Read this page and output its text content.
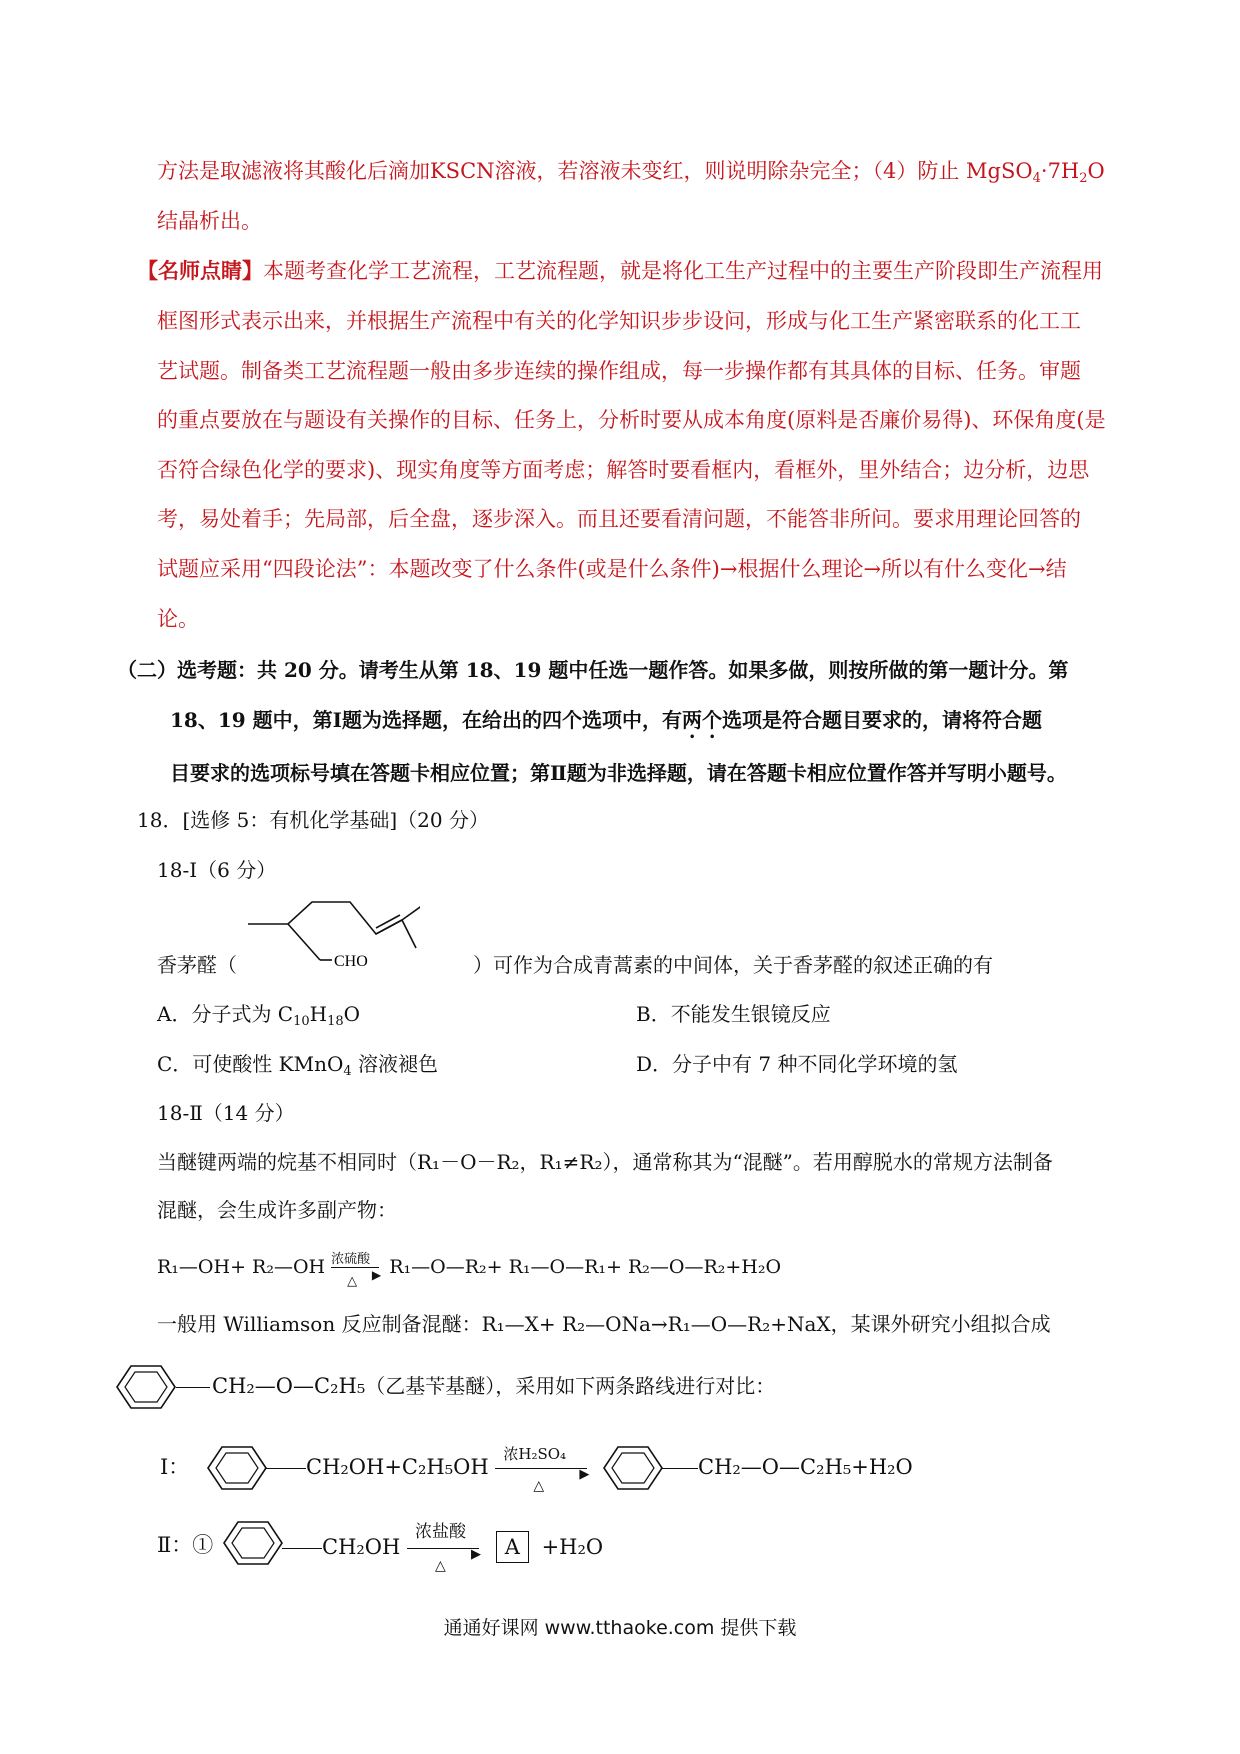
方法是取滤液将其酸化后滴加KSCN溶液，若溶液未变红，则说明除杂完全；（4）防止 $MgSO_4\cdot 7H_2O$
结晶析出。
【名师点睛】本题考查化学工艺流程，工艺流程题，就是将化工生产过程中的主要生产阶段即生产流程用
框图形式表示出来，并根据生产流程中有关的化学知识步步设问，形成与化工生产紧密联系的化工工
艺试题。制备类工艺流程题一般由多步连续的操作组成，每一步操作都有其具体的目标、任务。审题
的重点要放在与题设有关操作的目标、任务上，分析时要从成本角度(原料是否廉价易得)、环保角度(是
否符合绿色化学的要求)、现实角度等方面考虑；解答时要看框内，看框外，里外结合；边分析，边思
考，易处着手；先局部，后全盘，逐步深入。而且还要看清问题，不能答非所问。要求用理论回答的
试题应采用“四段论法”：本题改变了什么条件(或是什么条件)→根据什么理论→所以有什么变化→结
论。
（二）选考题：共 20 分。请考生从第 18、19 题中任选一题作答。如果多做，则按所做的第一题计分。第
18、19 题中，第Ⅰ题为选择题，在给出的四个选项中，有两个选项是符合题目要求的，请将符合题
目要求的选项标号填在答题卡相应位置；第Ⅱ题为非选择题，请在答题卡相应位置作答并写明小题号。
18．[选修 5：有机化学基础]（20 分）
18-Ⅰ（6 分）
CHO
香茅醛（	）可作为合成青蒿素的中间体，关于香茅醛的叙述正确的有
A．分子式为 $C_{10}H_{18}O$	B．不能发生银镜反应
C．可使酸性 KMnO$_4$ 溶液褪色	D．分子中有 7 种不同化学环境的氢
18-Ⅱ（14 分）
当醚键两端的烷基不相同时（R₁－O－R₂，R₁≠R₂），通常称其为“混醚”。若用醇脱水的常规方法制备
混醚，会生成许多副产物：
R₁—OH+ R₂—OH 浓硫酸
▶
△
R₁—O—R₂+ R₁—O—R₁+ R₂—O—R₂+H₂O
一般用 Williamson 反应制备混醚：R₁—X+ R₂—ONa→R₁—O—R₂+NaX，某课外研究小组拟合成
CH₂—O—C₂H₅（乙基苄基醚），采用如下两条路线进行对比：
Ⅰ：	CH₂OH+C₂H₅OH
浓H₂SO₄
▶
△
CH₂—O—C₂H₅+H₂O
Ⅱ：①	CH₂OH
浓盐酸
▶
△
A +H₂O
通通好课网 www.tthaoke.com 提供下载
